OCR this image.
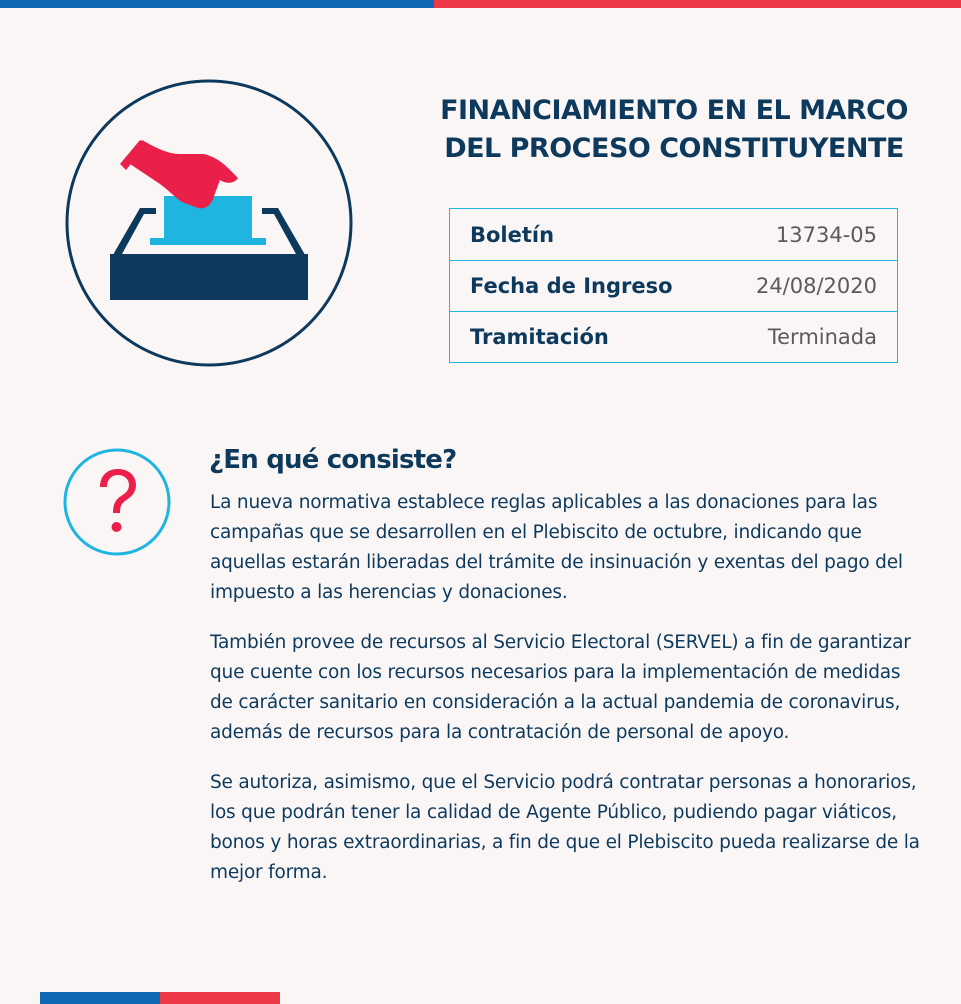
FINANCIAMIENTO EN EL MARCO
DEL PROCESO CONSTITUYENTE
Boletín	13734-05
Fecha de Ingreso	24/08/2020
Tramitación	Terminada
¿En qué consiste?

La nueva normativa establece reglas aplicables a las donaciones para las campañas que se desarrollen en el Plebiscito de octubre, indicando que aquellas estarán liberadas del trámite de insinuación y exentas del pago del impuesto a las herencias y donaciones.

También provee de recursos al Servicio Electoral (SERVEL) a fin de garantizar que cuente con los recursos necesarios para la implementación de medidas de carácter sanitario en consideración a la actual pandemia de coronavirus, además de recursos para la contratación de personal de apoyo.

Se autoriza, asimismo, que el Servicio podrá contratar personas a honorarios, los que podrán tener la calidad de Agente Público, pudiendo pagar viáticos, bonos y horas extraordinarias, a fin de que el Plebiscito pueda realizarse de la mejor forma.
